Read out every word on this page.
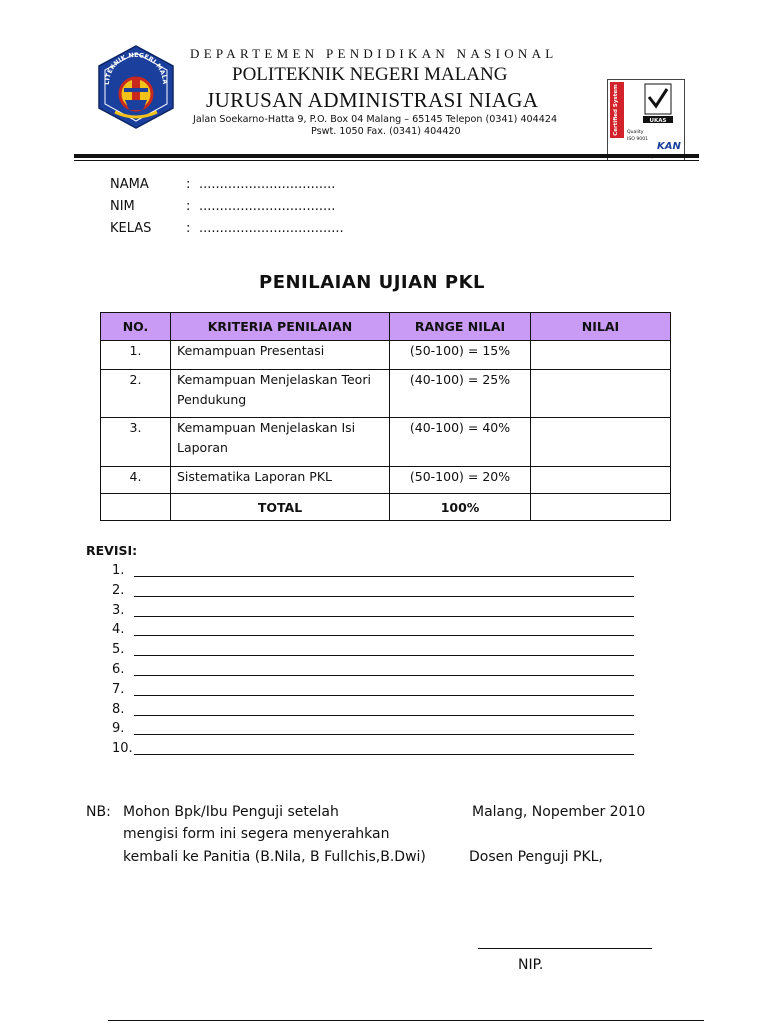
LITEKNIK NEGERI MALA
DEPARTEMEN PENDIDIKAN NASIONAL
POLITEKNIK NEGERI MALANG
JURUSAN ADMINISTRASI NIAGA
Jalan Soekarno-Hatta 9, P.O. Box 04 Malang – 65145 Telepon (0341) 404424
Pswt. 1050 Fax. (0341) 404420	Certified System	UKAS
Quality
ISO 9001
KAN
NAMA	: .................................
NIM	: .................................
KELAS	: ...................................
PENILAIAN UJIAN PKL
NO.	KRITERIA PENILAIAN	RANGE NILAI	NILAI
1.	Kemampuan Presentasi	(50-100) = 15%	
2.	Kemampuan Menjelaskan Teori Pendukung	(40-100) = 25%	
3.	Kemampuan Menjelaskan Isi Laporan	(40-100) = 40%	
4.	Sistematika Laporan PKL	(50-100) = 20%	
	TOTAL	100%	
REVISI:
1.
2.
3.
4.
5.
6.
7.
8.
9.
10.
NB: Mohon Bpk/Ibu Penguji setelah
mengisi form ini segera menyerahkan
kembali ke Panitia (B.Nila, B Fullchis,B.Dwi)
Malang, Nopember 2010
Dosen Penguji PKL,
NIP.
